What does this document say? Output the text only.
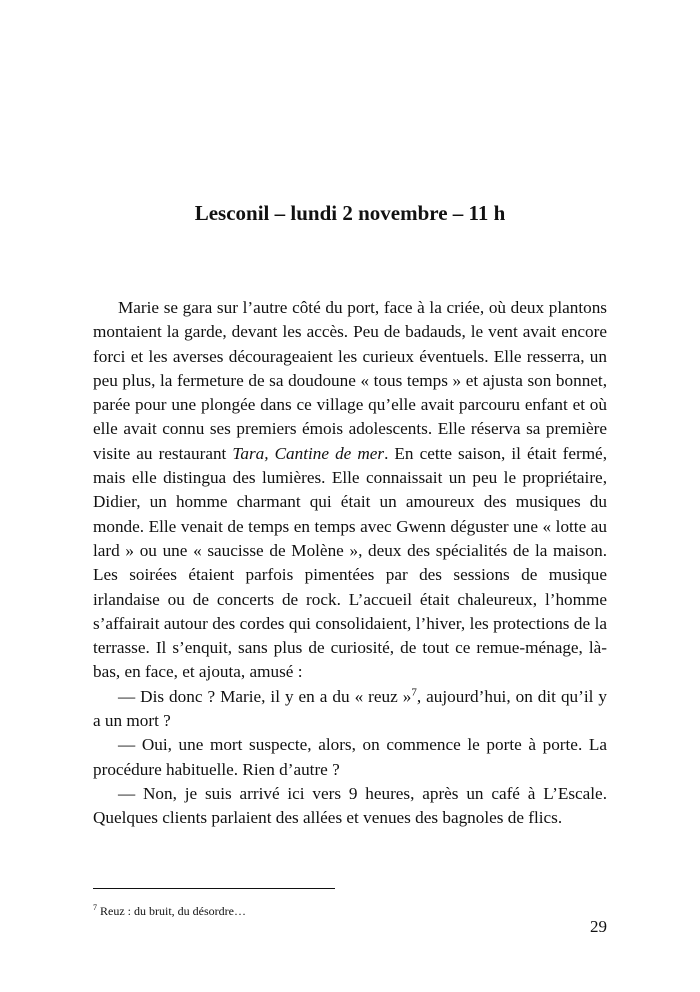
Lesconil – lundi 2 novembre – 11 h

Marie se gara sur l’autre côté du port, face à la criée, où deux plantons montaient la garde, devant les accès. Peu de badauds, le vent avait encore forci et les averses décourageaient les curieux éventuels. Elle resserra, un peu plus, la fermeture de sa doudoune « tous temps » et ajusta son bonnet, parée pour une plongée dans ce village qu’elle avait parcouru enfant et où elle avait connu ses premiers émois adolescents. Elle réserva sa première visite au restaurant Tara, Cantine de mer. En cette saison, il était fermé, mais elle distingua des lumières. Elle connaissait un peu le propriétaire, Didier, un homme charmant qui était un amoureux des musiques du monde. Elle venait de temps en temps avec Gwenn déguster une « lotte au lard » ou une « saucisse de Molène », deux des spécialités de la maison. Les soirées étaient parfois pimentées par des sessions de musique irlandaise ou de concerts de rock. L’accueil était chaleureux, l’homme s’affairait autour des cordes qui consolidaient, l’hiver, les protections de la terrasse. Il s’enquit, sans plus de curiosité, de tout ce remue-ménage, là-bas, en face, et ajouta, amusé :

— Dis donc ? Marie, il y en a du « reuz »$^7$, aujourd’hui, on dit qu’il y a un mort ?

— Oui, une mort suspecte, alors, on commence le porte à porte. La procédure habituelle. Rien d’autre ?

— Non, je suis arrivé ici vers 9 heures, après un café à L’Escale. Quelques clients parlaient des allées et venues des bagnoles de flics.

$^7$ Reuz : du bruit, du désordre…
29
